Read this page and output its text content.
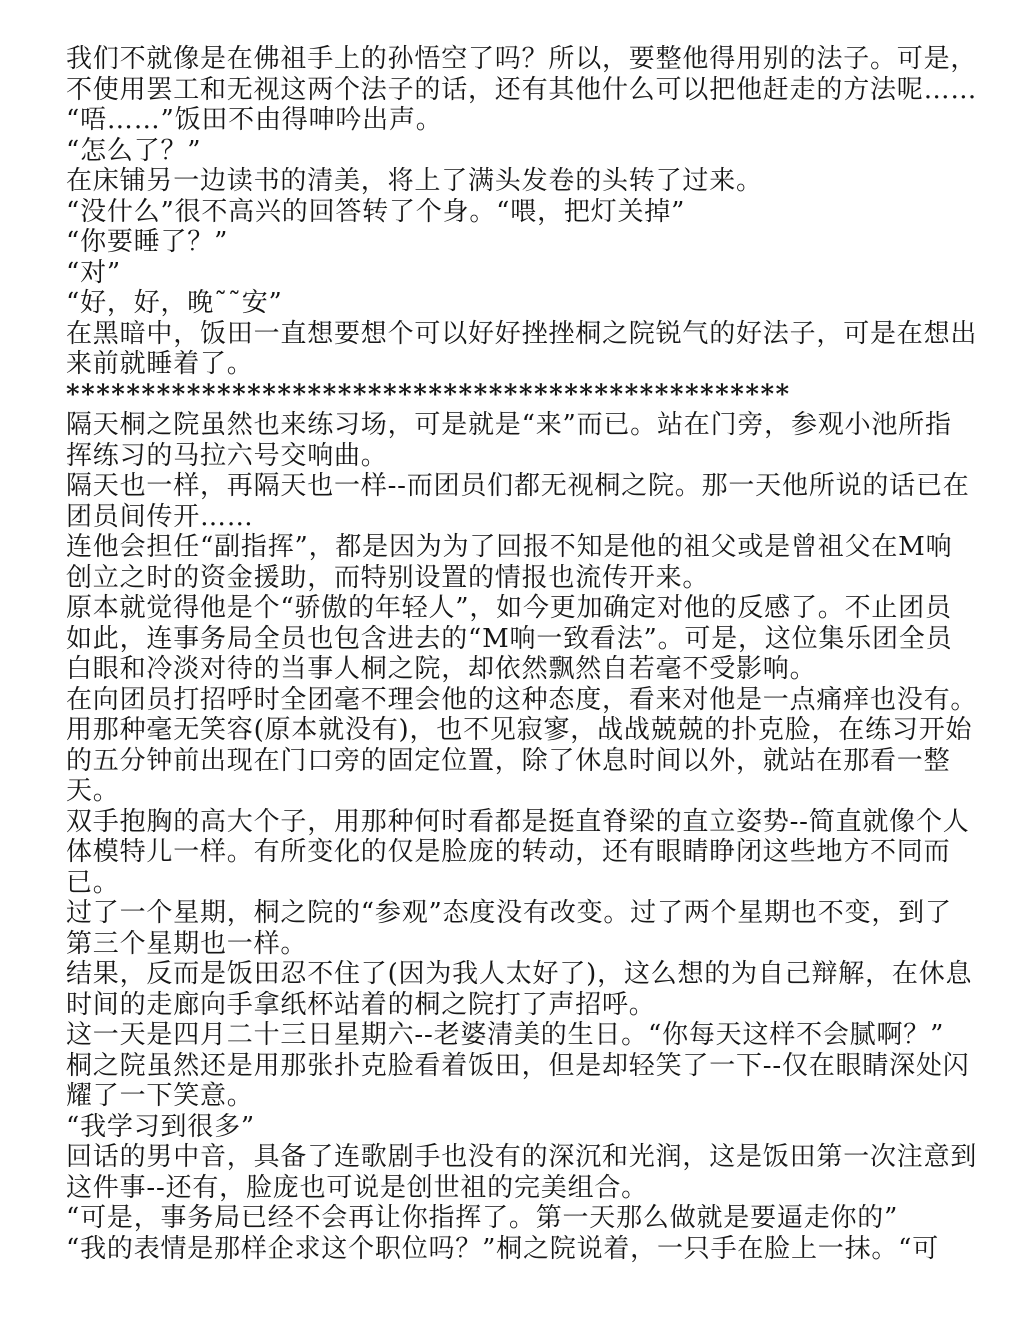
我们不就像是在佛祖手上的孙悟空了吗？所以，要整他得用别的法子。可是，
不使用罢工和无视这两个法子的话，还有其他什么可以把他赶走的方法呢……
“唔……”饭田不由得呻吟出声。
“怎么了？”
在床铺另一边读书的清美，将上了满头发卷的头转了过来。
“没什么”很不高兴的回答转了个身。“喂，把灯关掉”
“你要睡了？”
“对”
“好，好，晚˜˜安”
在黑暗中，饭田一直想要想个可以好好挫挫桐之院锐气的好法子，可是在想出
来前就睡着了。
************************************************
隔天桐之院虽然也来练习场，可是就是“来”而已。站在门旁，参观小池所指
挥练习的马拉六号交响曲。
隔天也一样，再隔天也一样--而团员们都无视桐之院。那一天他所说的话已在
团员间传开……
连他会担任“副指挥”，都是因为为了回报不知是他的祖父或是曾祖父在M响
创立之时的资金援助，而特别设置的情报也流传开来。
原本就觉得他是个“骄傲的年轻人”，如今更加确定对他的反感了。不止团员
如此，连事务局全员也包含进去的“M响一致看法”。可是，这位集乐团全员
白眼和冷淡对待的当事人桐之院，却依然飘然自若毫不受影响。
在向团员打招呼时全团毫不理会他的这种态度，看来对他是一点痛痒也没有。
用那种毫无笑容(原本就没有)，也不见寂寥，战战兢兢的扑克脸，在练习开始
的五分钟前出现在门口旁的固定位置，除了休息时间以外，就站在那看一整
天。
双手抱胸的高大个子，用那种何时看都是挺直脊梁的直立姿势--简直就像个人
体模特儿一样。有所变化的仅是脸庞的转动，还有眼睛睁闭这些地方不同而
已。
过了一个星期，桐之院的“参观”态度没有改变。过了两个星期也不变，到了
第三个星期也一样。
结果，反而是饭田忍不住了(因为我人太好了)，这么想的为自己辩解，在休息
时间的走廊向手拿纸杯站着的桐之院打了声招呼。
这一天是四月二十三日星期六--老婆清美的生日。“你每天这样不会腻啊？”
桐之院虽然还是用那张扑克脸看着饭田，但是却轻笑了一下--仅在眼睛深处闪
耀了一下笑意。
“我学习到很多”
回话的男中音，具备了连歌剧手也没有的深沉和光润，这是饭田第一次注意到
这件事--还有，脸庞也可说是创世祖的完美组合。
“可是，事务局已经不会再让你指挥了。第一天那么做就是要逼走你的”
“我的表情是那样企求这个职位吗？”桐之院说着，一只手在脸上一抹。“可
